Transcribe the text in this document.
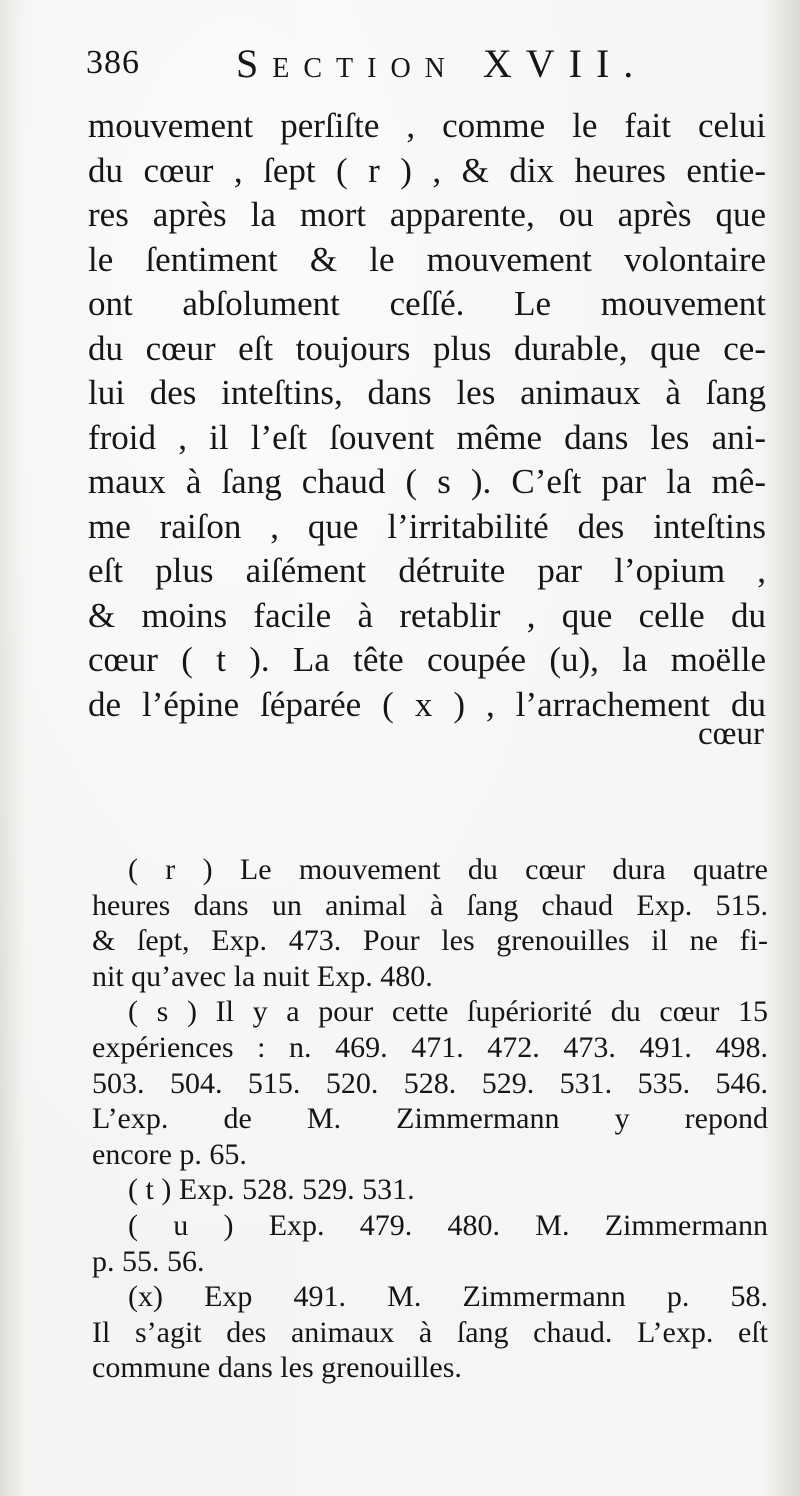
386 Section XVII.
mouvement perſiſte , comme le fait celui
du cœur , ſept ( r ) , & dix heures entie-
res après la mort apparente, ou après que
le ſentiment & le mouvement volontaire
ont abſolument ceſſé. Le mouvement
du cœur eſt toujours plus durable, que ce-
lui des inteſtins, dans les animaux à ſang
froid , il l’eſt ſouvent même dans les ani-
maux à ſang chaud ( s ). C’eſt par la mê-
me raiſon , que l’irritabilité des inteſtins
eſt plus aiſément détruite par l’opium ,
& moins facile à retablir , que celle du
cœur ( t ). La tête coupée (u), la moëlle
de l’épine ſéparée ( x ) , l’arrachement du
cœur
( r ) Le mouvement du cœur dura quatre
heures dans un animal à ſang chaud Exp. 515.
& ſept, Exp. 473. Pour les grenouilles il ne fi-
nit qu’avec la nuit Exp. 480.
( s ) Il y a pour cette ſupériorité du cœur 15
expériences : n. 469. 471. 472. 473. 491. 498.
503. 504. 515. 520. 528. 529. 531. 535. 546.
L’exp. de M. Zimmermann y repond
encore p. 65.
( t ) Exp. 528. 529. 531.
( u ) Exp. 479. 480. M. Zimmermann
p. 55. 56.
(x) Exp 491. M. Zimmermann p. 58.
Il s’agit des animaux à ſang chaud. L’exp. eſt
commune dans les grenouilles.
